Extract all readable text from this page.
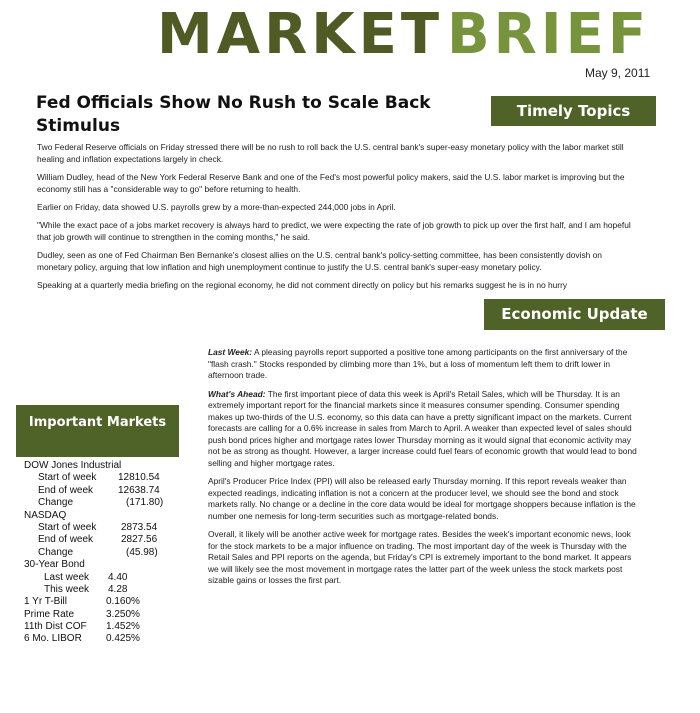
MARKET BRIEF
May 9, 2011
Fed Officials Show No Rush to Scale Back Stimulus
Timely Topics

Two Federal Reserve officials on Friday stressed there will be no rush to roll back the U.S. central bank's super-easy monetary policy with the labor market still healing and inflation expectations largely in check.

William Dudley, head of the New York Federal Reserve Bank and one of the Fed's most powerful policy makers, said the U.S. labor market is improving but the economy still has a "considerable way to go" before returning to health.

Earlier on Friday, data showed U.S. payrolls grew by a more-than-expected 244,000 jobs in April.

"While the exact pace of a jobs market recovery is always hard to predict, we were expecting the rate of job growth to pick up over the first half, and I am hopeful that job growth will continue to strengthen in the coming months," he said.

Dudley, seen as one of Fed Chairman Ben Bernanke's closest allies on the U.S. central bank's policy-setting committee, has been consistently dovish on monetary policy, arguing that low inflation and high unemployment continue to justify the U.S. central bank's super-easy monetary policy.

Speaking at a quarterly media briefing on the regional economy, he did not comment directly on policy but his remarks suggest he is in no hurry

Economic Update

Last Week: A pleasing payrolls report supported a positive tone among participants on the first anniversary of the "flash crash." Stocks responded by climbing more than 1%, but a loss of momentum left them to drift lower in afternoon trade.

What's Ahead: The first important piece of data this week is April's Retail Sales, which will be Thursday. It is an extremely important report for the financial markets since it measures consumer spending. Consumer spending makes up two-thirds of the U.S. economy, so this data can have a pretty significant impact on the markets. Current forecasts are calling for a 0.6% increase in sales from March to April. A weaker than expected level of sales should push bond prices higher and mortgage rates lower Thursday morning as it would signal that economic activity may not be as strong as thought. However, a larger increase could fuel fears of economic growth that would lead to bond selling and higher mortgage rates.

April's Producer Price Index (PPI) will also be released early Thursday morning. If this report reveals weaker than expected readings, indicating inflation is not a concern at the producer level, we should see the bond and stock markets rally. No change or a decline in the core data would be ideal for mortgage shoppers because inflation is the number one nemesis for long-term securities such as mortgage-related bonds.

Overall, it likely will be another active week for mortgage rates. Besides the week's important economic news, look for the stock markets to be a major influence on trading. The most important day of the week is Thursday with the Retail Sales and PPI reports on the agenda, but Friday's CPI is extremely important to the bond market. It appears we will likely see the most movement in mortgage rates the latter part of the week unless the stock markets post sizable gains or losses the first part.

Important Markets
DOW Jones Industrial
Start of week 12810.54
End of week 12638.74
Change	(171.80)
NASDAQ
Start of week 2873.54
End of week	2827.56
Change	(45.98)
30-Year Bond
Last week 4.40
This week 4.28
1 Yr T-Bill	0.160%
Prime Rate	3.250%
11th Dist COF 1.452%
6 Mo. LIBOR 0.425%
